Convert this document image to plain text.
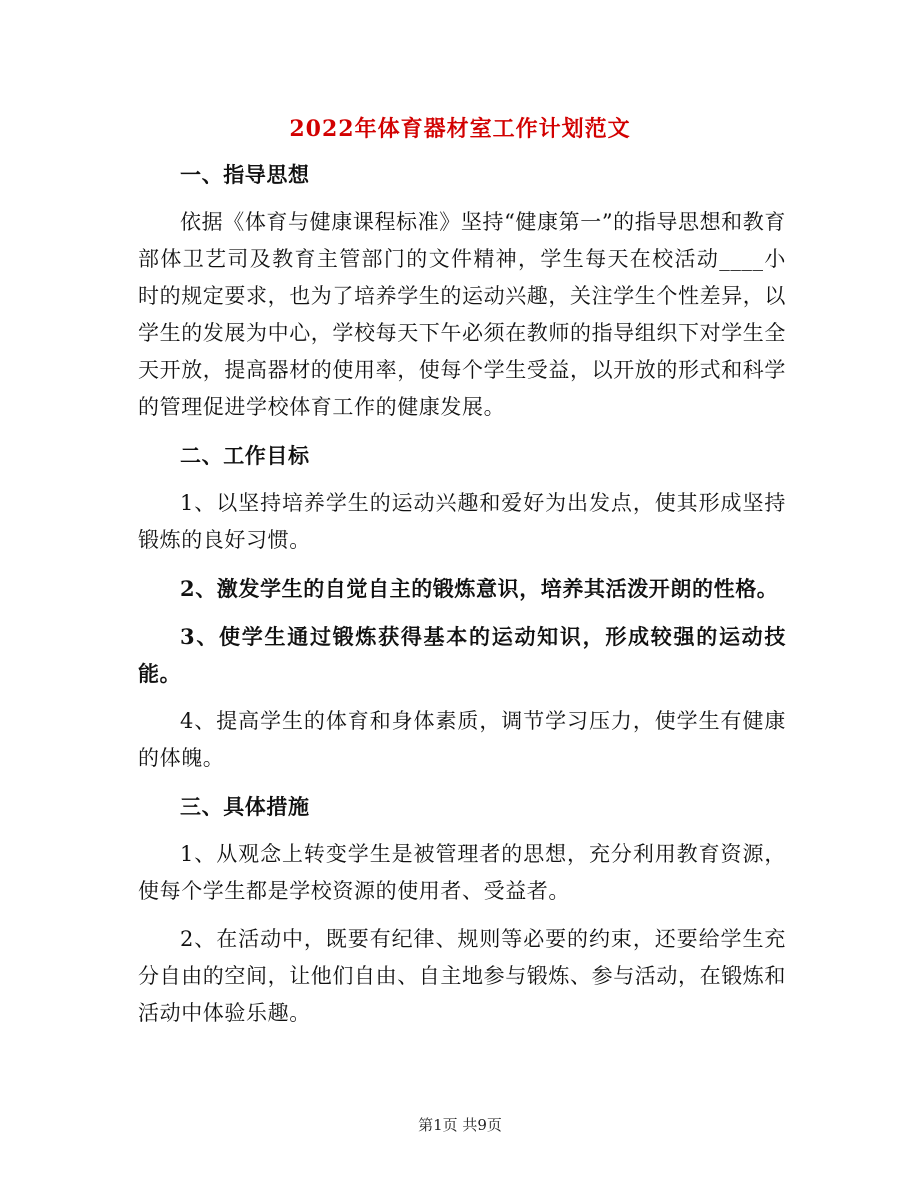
2022年体育器材室工作计划范文

一、指导思想

依据《体育与健康课程标准》坚持“健康第一”的指导思想和教育部体卫艺司及教育主管部门的文件精神，学生每天在校活动____小时的规定要求，也为了培养学生的运动兴趣，关注学生个性差异，以学生的发展为中心，学校每天下午必须在教师的指导组织下对学生全天开放，提高器材的使用率，使每个学生受益，以开放的形式和科学的管理促进学校体育工作的健康发展。

二、工作目标

1、以坚持培养学生的运动兴趣和爱好为出发点，使其形成坚持锻炼的良好习惯。

2、激发学生的自觉自主的锻炼意识，培养其活泼开朗的性格。

3、使学生通过锻炼获得基本的运动知识，形成较强的运动技能。

4、提高学生的体育和身体素质，调节学习压力，使学生有健康的体魄。

三、具体措施

1、从观念上转变学生是被管理者的思想，充分利用教育资源，使每个学生都是学校资源的使用者、受益者。

2、在活动中，既要有纪律、规则等必要的约束，还要给学生充分自由的空间，让他们自由、自主地参与锻炼、参与活动，在锻炼和活动中体验乐趣。

第1页 共9页
